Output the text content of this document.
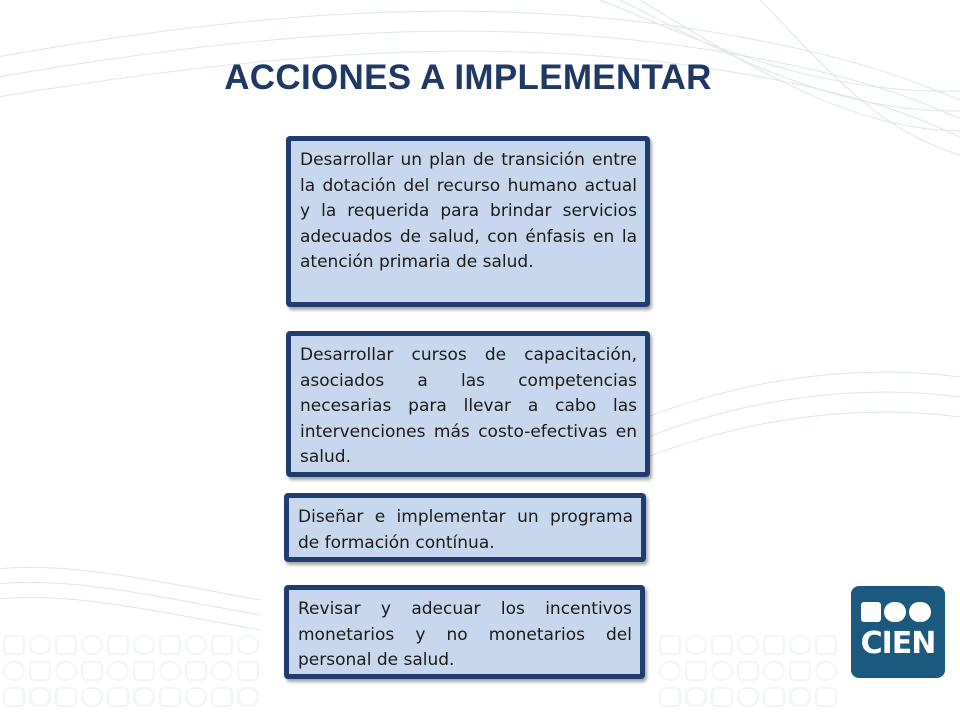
ACCIONES A IMPLEMENTAR
Desarrollar un plan de transición entre la dotación del recurso humano actual y la requerida para brindar servicios adecuados de salud, con énfasis en la atención primaria de salud.
Desarrollar cursos de capacitación, asociados a las competencias necesarias para llevar a cabo las intervenciones más costo-efectivas en salud.
Diseñar e implementar un programa de formación contínua.
Revisar y adecuar los incentivos monetarios y no monetarios del personal de salud.	CIEN
